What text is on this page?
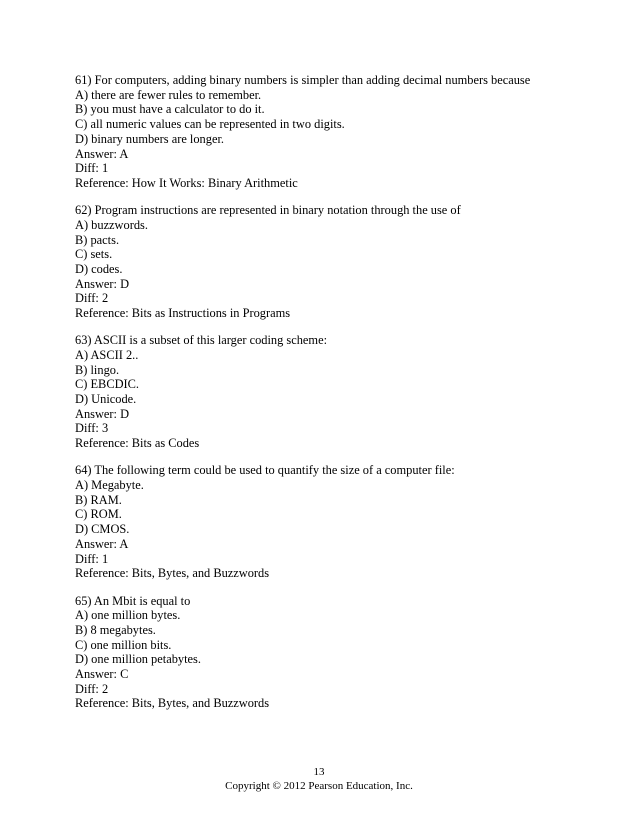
61) For computers, adding binary numbers is simpler than adding decimal numbers because
A) there are fewer rules to remember.
B) you must have a calculator to do it.
C) all numeric values can be represented in two digits.
D) binary numbers are longer.
Answer: A
Diff: 1
Reference: How It Works: Binary Arithmetic
62) Program instructions are represented in binary notation through the use of
A) buzzwords.
B) pacts.
C) sets.
D) codes.
Answer: D
Diff: 2
Reference: Bits as Instructions in Programs
63) ASCII is a subset of this larger coding scheme:
A) ASCII 2..
B) lingo.
C) EBCDIC.
D) Unicode.
Answer: D
Diff: 3
Reference: Bits as Codes
64) The following term could be used to quantify the size of a computer file:
A) Megabyte.
B) RAM.
C) ROM.
D) CMOS.
Answer: A
Diff: 1
Reference: Bits, Bytes, and Buzzwords
65) An Mbit is equal to
A) one million bytes.
B) 8 megabytes.
C) one million bits.
D) one million petabytes.
Answer: C
Diff: 2
Reference: Bits, Bytes, and Buzzwords
13
Copyright © 2012 Pearson Education, Inc.
